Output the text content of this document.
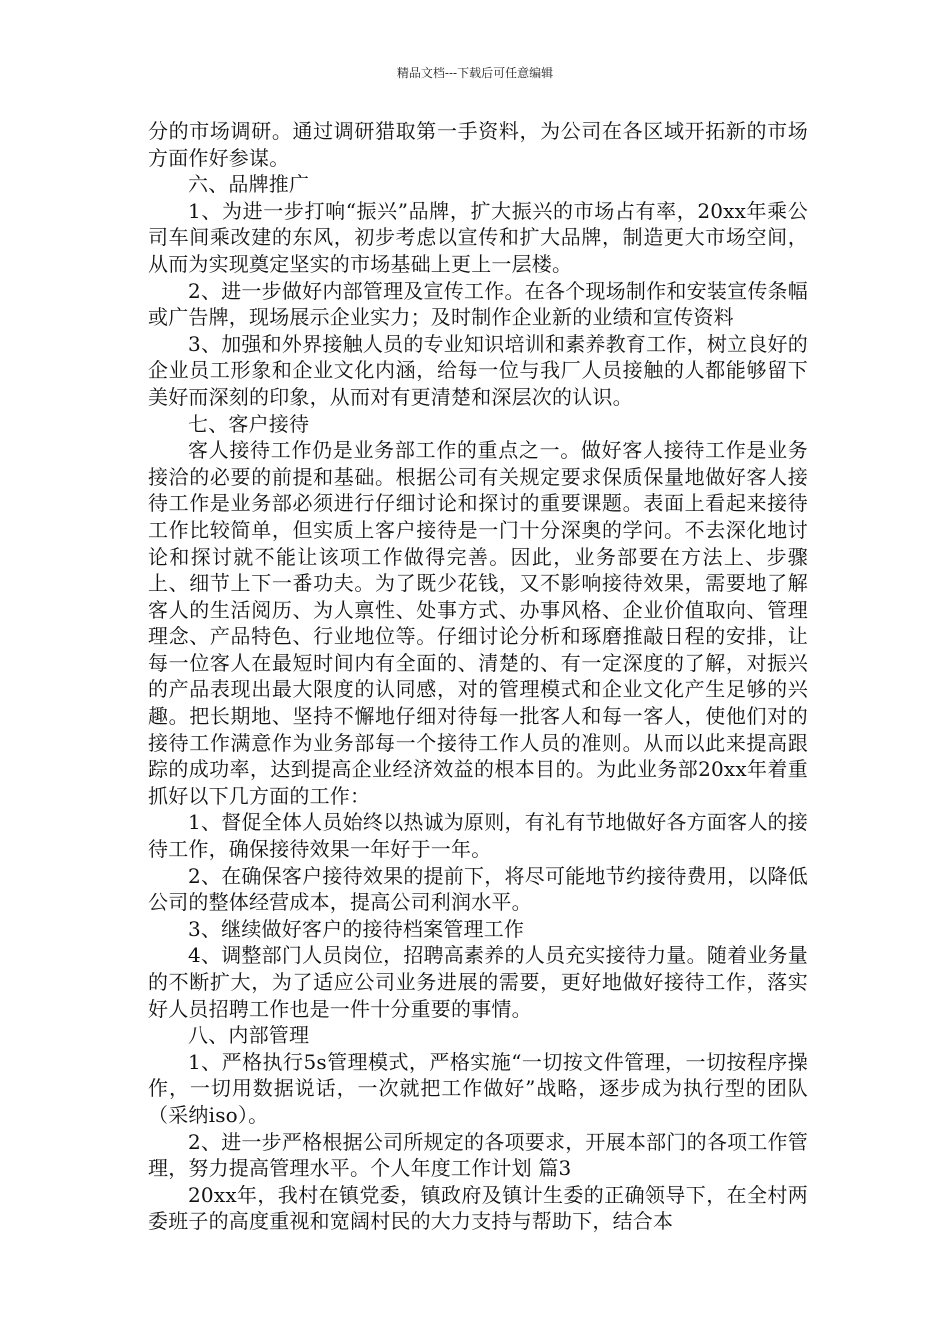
精品文档---下载后可任意编辑

分的市场调研。通过调研猎取第一手资料，为公司在各区域开拓新的市场方面作好参谋。

六、品牌推广

1、为进一步打响“振兴”品牌，扩大振兴的市场占有率，20xx年乘公司车间乘改建的东风，初步考虑以宣传和扩大品牌，制造更大市场空间，从而为实现奠定坚实的市场基础上更上一层楼。

2、进一步做好内部管理及宣传工作。在各个现场制作和安装宣传条幅或广告牌，现场展示企业实力；及时制作企业新的业绩和宣传资料

3、加强和外界接触人员的专业知识培训和素养教育工作，树立良好的企业员工形象和企业文化内涵，给每一位与我厂人员接触的人都能够留下美好而深刻的印象，从而对有更清楚和深层次的认识。

七、客户接待

客人接待工作仍是业务部工作的重点之一。做好客人接待工作是业务接洽的必要的前提和基础。根据公司有关规定要求保质保量地做好客人接待工作是业务部必须进行仔细讨论和探讨的重要课题。表面上看起来接待工作比较简单，但实质上客户接待是一门十分深奥的学问。不去深化地讨论和探讨就不能让该项工作做得完善。因此，业务部要在方法上、步骤上、细节上下一番功夫。为了既少花钱，又不影响接待效果，需要地了解客人的生活阅历、为人禀性、处事方式、办事风格、企业价值取向、管理理念、产品特色、行业地位等。仔细讨论分析和琢磨推敲日程的安排，让每一位客人在最短时间内有全面的、清楚的、有一定深度的了解，对振兴的产品表现出最大限度的认同感，对的管理模式和企业文化产生足够的兴趣。把长期地、坚持不懈地仔细对待每一批客人和每一客人，使他们对的接待工作满意作为业务部每一个接待工作人员的准则。从而以此来提高跟踪的成功率，达到提高企业经济效益的根本目的。为此业务部20xx年着重抓好以下几方面的工作：

1、督促全体人员始终以热诚为原则，有礼有节地做好各方面客人的接待工作，确保接待效果一年好于一年。

2、在确保客户接待效果的提前下，将尽可能地节约接待费用，以降低公司的整体经营成本，提高公司利润水平。

3、继续做好客户的接待档案管理工作

4、调整部门人员岗位，招聘高素养的人员充实接待力量。随着业务量的不断扩大，为了适应公司业务进展的需要，更好地做好接待工作，落实好人员招聘工作也是一件十分重要的事情。

八、内部管理

1、严格执行5s管理模式，严格实施“一切按文件管理，一切按程序操作，一切用数据说话，一次就把工作做好”战略，逐步成为执行型的团队（采纳iso）。

2、进一步严格根据公司所规定的各项要求，开展本部门的各项工作管理，努力提高管理水平。个人年度工作计划 篇3

20xx年，我村在镇党委，镇政府及镇计生委的正确领导下，在全村两委班子的高度重视和宽阔村民的大力支持与帮助下，结合本
